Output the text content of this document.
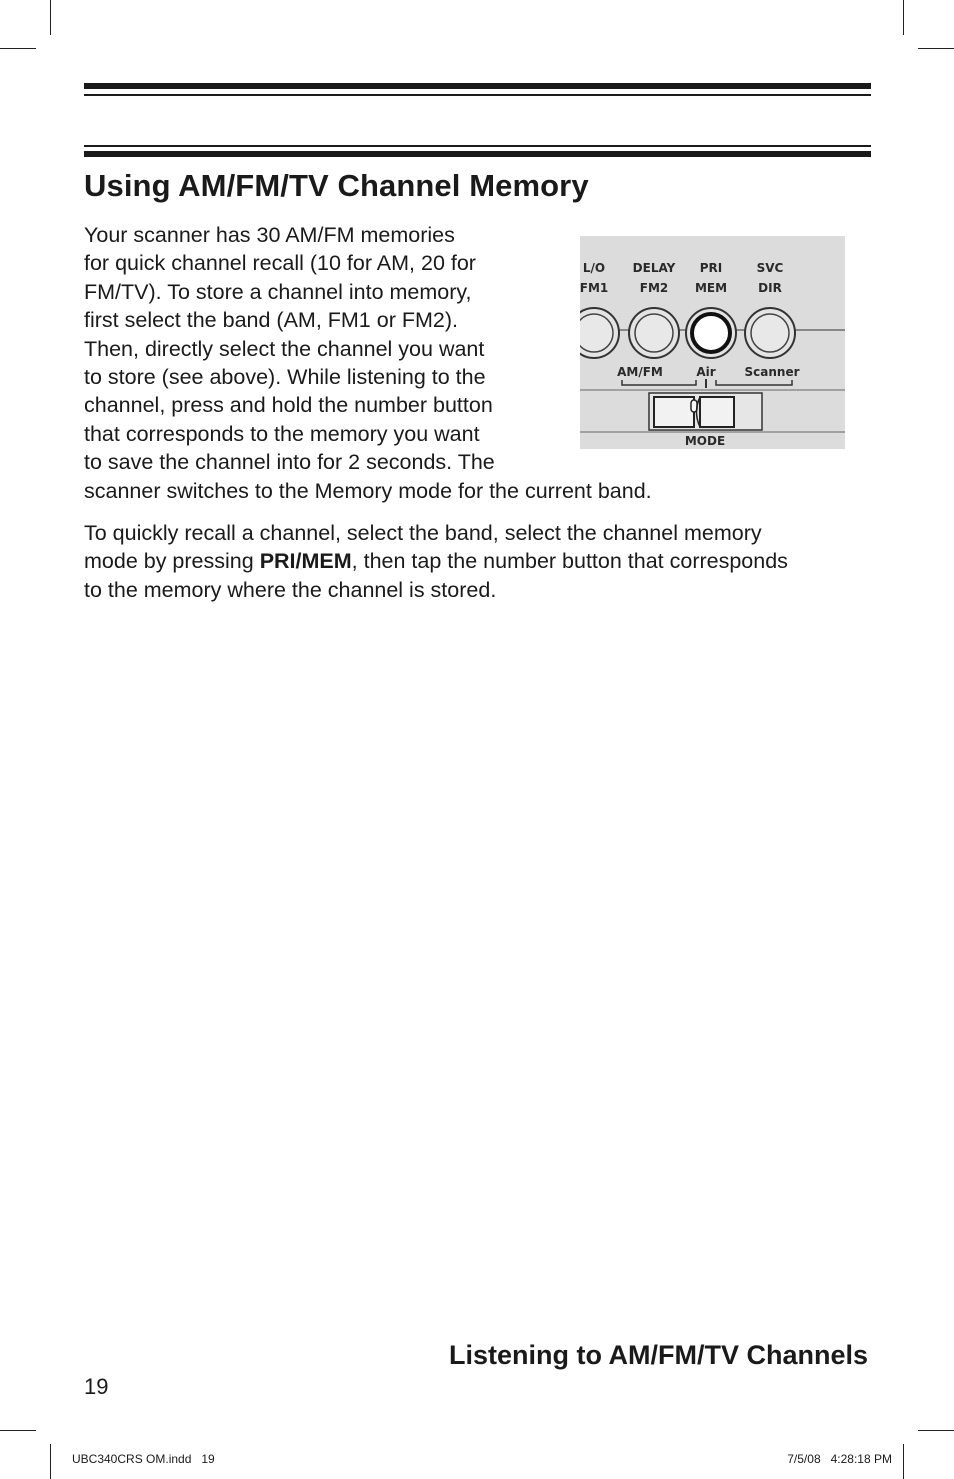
Using AM/FM/TV Channel Memory
Your scanner has 30 AM/FM memories
for quick channel recall (10 for AM, 20 for
FM/TV). To store a channel into memory,
first select the band (AM, FM1 or FM2).
Then, directly select the channel you want
to store (see above). While listening to the
channel, press and hold the number button
that corresponds to the memory you want
to save the channel into for 2 seconds. The
scanner switches to the Memory mode for the current band.
To quickly recall a channel, select the band, select the channel memory
mode by pressing PRI/MEM, then tap the number button that corresponds
to the memory where the channel is stored.
L/O
FM1
DELAY
FM2
PRI
MEM
SVC
DIR
AM/FM	Air Scanner
MODE
Listening to AM/FM/TV Channels

19

UBC340CRS OM.indd   19	7/5/08   4:28:18 PM
